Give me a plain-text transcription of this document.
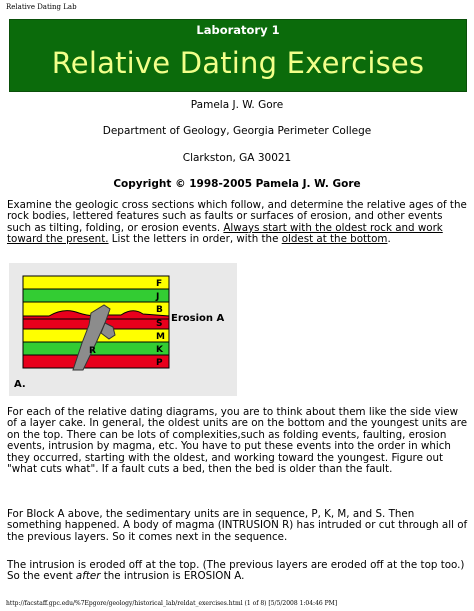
Relative Dating Lab
Laboratory 1
Relative Dating Exercises
Pamela J. W. Gore
Department of Geology, Georgia Perimeter College
Clarkston, GA 30021
Copyright © 1998-2005 Pamela J. W. Gore
Examine the geologic cross sections which follow, and determine the relative ages of the rock bodies, lettered features such as faults or surfaces of erosion, and other events such as tilting, folding, or erosion events. Always start with the oldest rock and work toward the present. List the letters in order, with the oldest at the bottom.
F
J
B
S
M
K
P
R
Erosion A
A.
For each of the relative dating diagrams, you are to think about them like the side view of a layer cake. In general, the oldest units are on the bottom and the youngest units are on the top. There can be lots of complexities,such as folding events, faulting, erosion events, intrusion by magma, etc. You have to put these events into the order in which they occurred, starting with the oldest, and working toward the youngest. Figure out "what cuts what". If a fault cuts a bed, then the bed is older than the fault.
For Block A above, the sedimentary units are in sequence, P, K, M, and S. Then something happened. A body of magma (INTRUSION R) has intruded or cut through all of the previous layers. So it comes next in the sequence.
The intrusion is eroded off at the top. (The previous layers are eroded off at the top too.) So the event after the intrusion is EROSION A.
http://facstaff.gpc.edu/%7Epgore/geology/historical_lab/reldat_exercises.html (1 of 8) [5/5/2008 1:04:46 PM]
